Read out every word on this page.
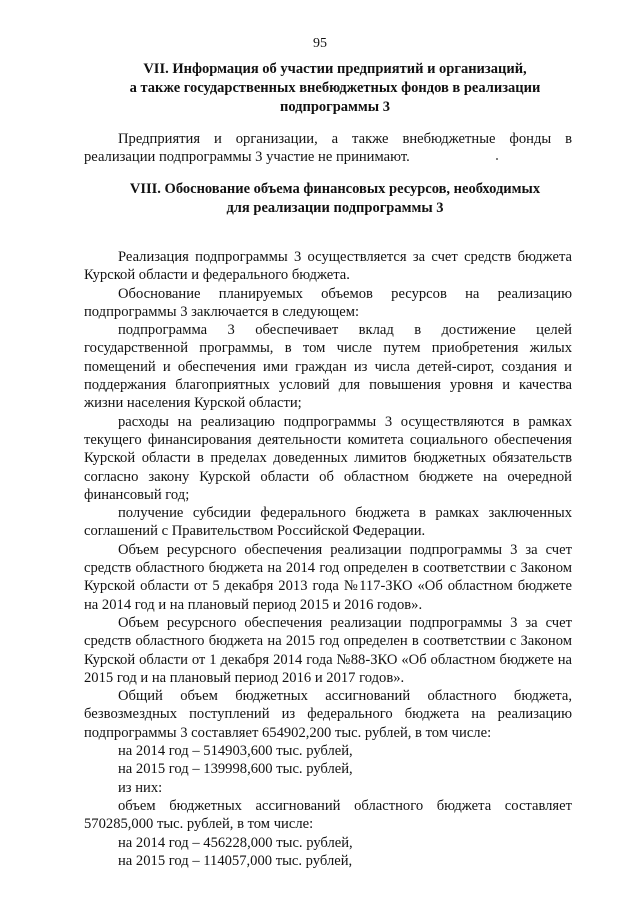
95
VII. Информация об участии предприятий и организаций,
а также государственных внебюджетных фондов в реализации
подпрограммы 3

Предприятия и организации, а также внебюджетные фонды в реализации подпрограммы 3 участие не принимают.

VIII. Обоснование объема финансовых ресурсов, необходимых
для реализации подпрограммы 3

Реализация подпрограммы 3 осуществляется за счет средств бюджета Курской области и федерального бюджета.

Обоснование планируемых объемов ресурсов на реализацию подпрограммы 3 заключается в следующем:

подпрограмма 3 обеспечивает вклад в достижение целей государственной программы, в том числе путем приобретения жилых помещений и обеспечения ими граждан из числа детей-сирот, создания и поддержания благоприятных условий для повышения уровня и качества жизни населения Курской области;

расходы на реализацию подпрограммы 3 осуществляются в рамках текущего финансирования деятельности комитета социального обеспечения Курской области в пределах доведенных лимитов бюджетных обязательств согласно закону Курской области об областном бюджете на очередной финансовый год;

получение субсидии федерального бюджета в рамках заключенных соглашений с Правительством Российской Федерации.

Объем ресурсного обеспечения реализации подпрограммы 3 за счет средств областного бюджета на 2014 год определен в соответствии с Законом Курской области от 5 декабря 2013 года №117-ЗКО «Об областном бюджете на 2014 год и на плановый период 2015 и 2016 годов».

Объем ресурсного обеспечения реализации подпрограммы 3 за счет средств областного бюджета на 2015 год определен в соответствии с Законом Курской области от 1 декабря 2014 года №88-ЗКО «Об областном бюджете на 2015 год и на плановый период 2016 и 2017 годов».

Общий объем бюджетных ассигнований областного бюджета, безвозмездных поступлений из федерального бюджета на реализацию подпрограммы 3 составляет 654902,200 тыс. рублей, в том числе:

на 2014 год – 514903,600 тыс. рублей,

на 2015 год – 139998,600 тыс. рублей,

из них:

объем бюджетных ассигнований областного бюджета составляет 570285,000 тыс. рублей, в том числе:

на 2014 год – 456228,000 тыс. рублей,

на 2015 год – 114057,000 тыс. рублей,
